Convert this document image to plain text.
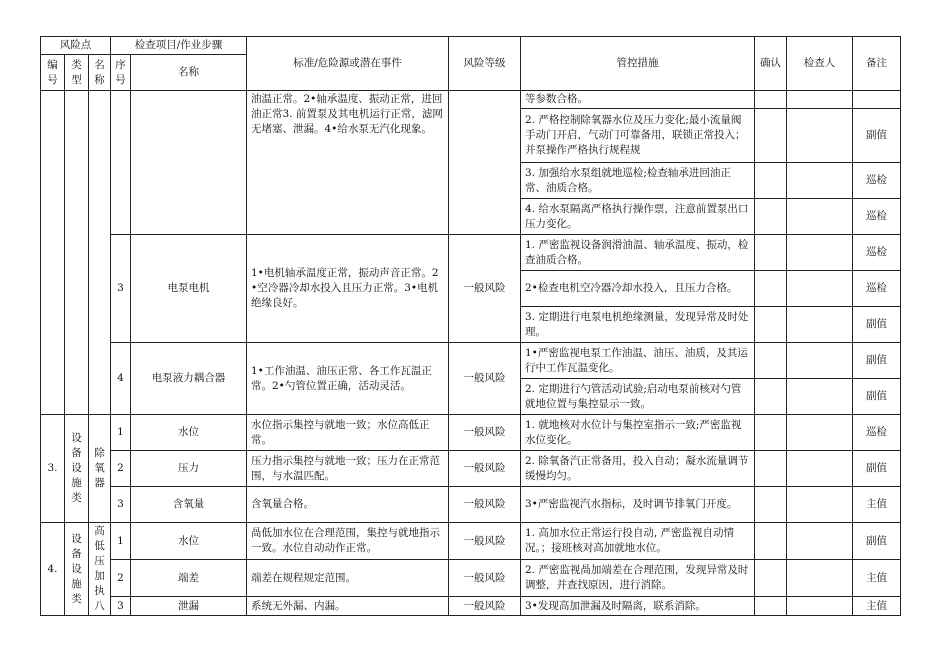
风险点			检查项目/作业步骤		标准/危险源或潜在事件	风险等级	管控措施	确认	检查人	备注
编号	类型	名称	序号	名称						
					油温正常。2•轴承温度、振动正常，进回油正常3. 前置泵及其电机运行正常，滤网无堵塞、泄漏。4•给水泵无汽化现象。		等参数合格。			
							2. 严格控制除氧器水位及压力变化;最小流量阀手动门开启，气动门可靠备用，联锁正常投入；并泵操作严格执行规程规			副值
							3. 加强给水泵组就地巡检;检查轴承进回油正常、油质合格。			巡检
							4. 给水泵隔离严格执行操作票，注意前置泵出口压力变化。			巡检
			3	电泵电机	1•电机轴承温度正常，振动声音正常。2•空冷器冷却水投入且压力正常。3•电机绝缘良好。	一般风险	1. 严密监视设备润滑油温、轴承温度、振动，检查油质合格。			巡检
							2•检查电机空冷器冷却水投入，且压力合格。			巡检
							3. 定期进行电泵电机绝缘测量，发现异常及时处理。			副值
			4	电泵液力耦合器	1•工作油温、油压正常、各工作瓦温正常。2•勺管位置正确，活动灵活。	一般风险	1•严密监视电泵工作油温、油压、油质，及其运行中工作瓦温变化。			副值
							2. 定期进行勺管活动试验;启动电泵前核对勺管就地位置与集控显示一致。			副值
3.	设备设施类	除氧器	1	水位	水位指示集控与就地一致；水位高低正常。	一般风险	1. 就地核对水位计与集控室指示一致;严密监视水位变化。			巡检
			2	压力	压力指示集控与就地一致；压力在正常范围，与水温匹配。	一般风险	2. 除氧备汽正常备用，投入自动；凝水流量调节缓慢均匀。			副值
			3	含氧量	含氧量合格。	一般风险	3•严密监视汽水指标，及时调节排氧门开度。			主值
4.	设备设施类	高低压加执八	1	水位	咼低加水位在合理范围，集控与就地指示一致。水位自动动作正常。	一般风险	1. 高加水位正常运行投自动, 严密监视自动情况。；接班核对高加就地水位。			副值
			2	端差	端差在规程规定范围。	一般风险	2. 严密监视咼加端差在合理范围，发现异常及时调整，并查找原因，进行消除。			主值
			3	泄漏	系统无外漏、内漏。	一般风险	3•发现高加泄漏及时隔离，联系消除。			主值
